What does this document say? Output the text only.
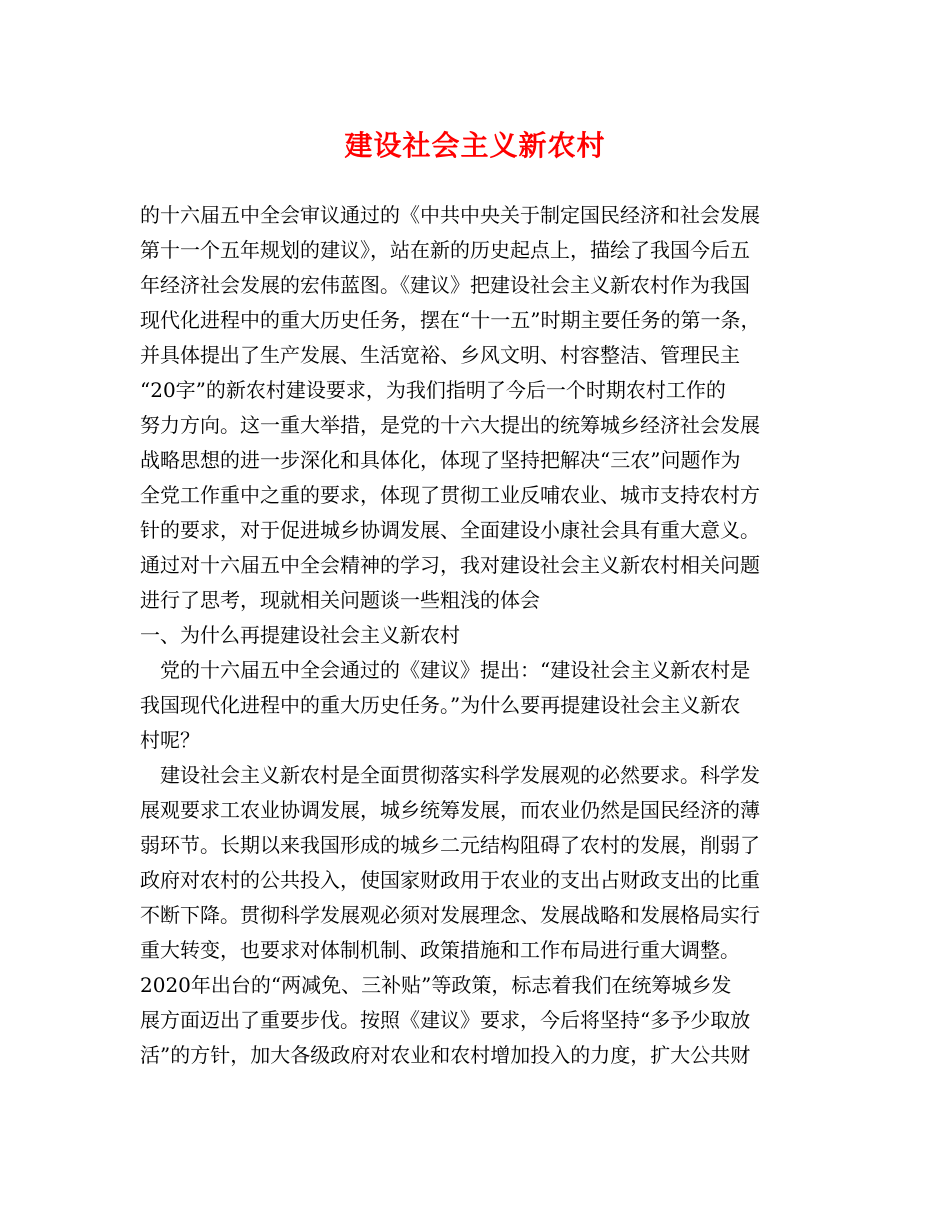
建设社会主义新农村
的十六届五中全会审议通过的《中共中央关于制定国民经济和社会发展
第十一个五年规划的建议》，站在新的历史起点上，描绘了我国今后五
年经济社会发展的宏伟蓝图。《建议》把建设社会主义新农村作为我国
现代化进程中的重大历史任务，摆在“十一五”时期主要任务的第一条，
并具体提出了生产发展、生活宽裕、乡风文明、村容整洁、管理民主
“20字”的新农村建设要求，为我们指明了今后一个时期农村工作的
努力方向。这一重大举措，是党的十六大提出的统筹城乡经济社会发展
战略思想的进一步深化和具体化，体现了坚持把解决“三农”问题作为
全党工作重中之重的要求，体现了贯彻工业反哺农业、城市支持农村方
针的要求，对于促进城乡协调发展、全面建设小康社会具有重大意义。
通过对十六届五中全会精神的学习，我对建设社会主义新农村相关问题
进行了思考，现就相关问题谈一些粗浅的体会
一、为什么再提建设社会主义新农村
　党的十六届五中全会通过的《建议》提出：“建设社会主义新农村是
我国现代化进程中的重大历史任务。”为什么要再提建设社会主义新农
村呢？
　建设社会主义新农村是全面贯彻落实科学发展观的必然要求。科学发
展观要求工农业协调发展，城乡统筹发展，而农业仍然是国民经济的薄
弱环节。长期以来我国形成的城乡二元结构阻碍了农村的发展，削弱了
政府对农村的公共投入，使国家财政用于农业的支出占财政支出的比重
不断下降。贯彻科学发展观必须对发展理念、发展战略和发展格局实行
重大转变，也要求对体制机制、政策措施和工作布局进行重大调整。
2020年出台的“两减免、三补贴”等政策，标志着我们在统筹城乡发
展方面迈出了重要步伐。按照《建议》要求，今后将坚持“多予少取放
活”的方针，加大各级政府对农业和农村增加投入的力度，扩大公共财
